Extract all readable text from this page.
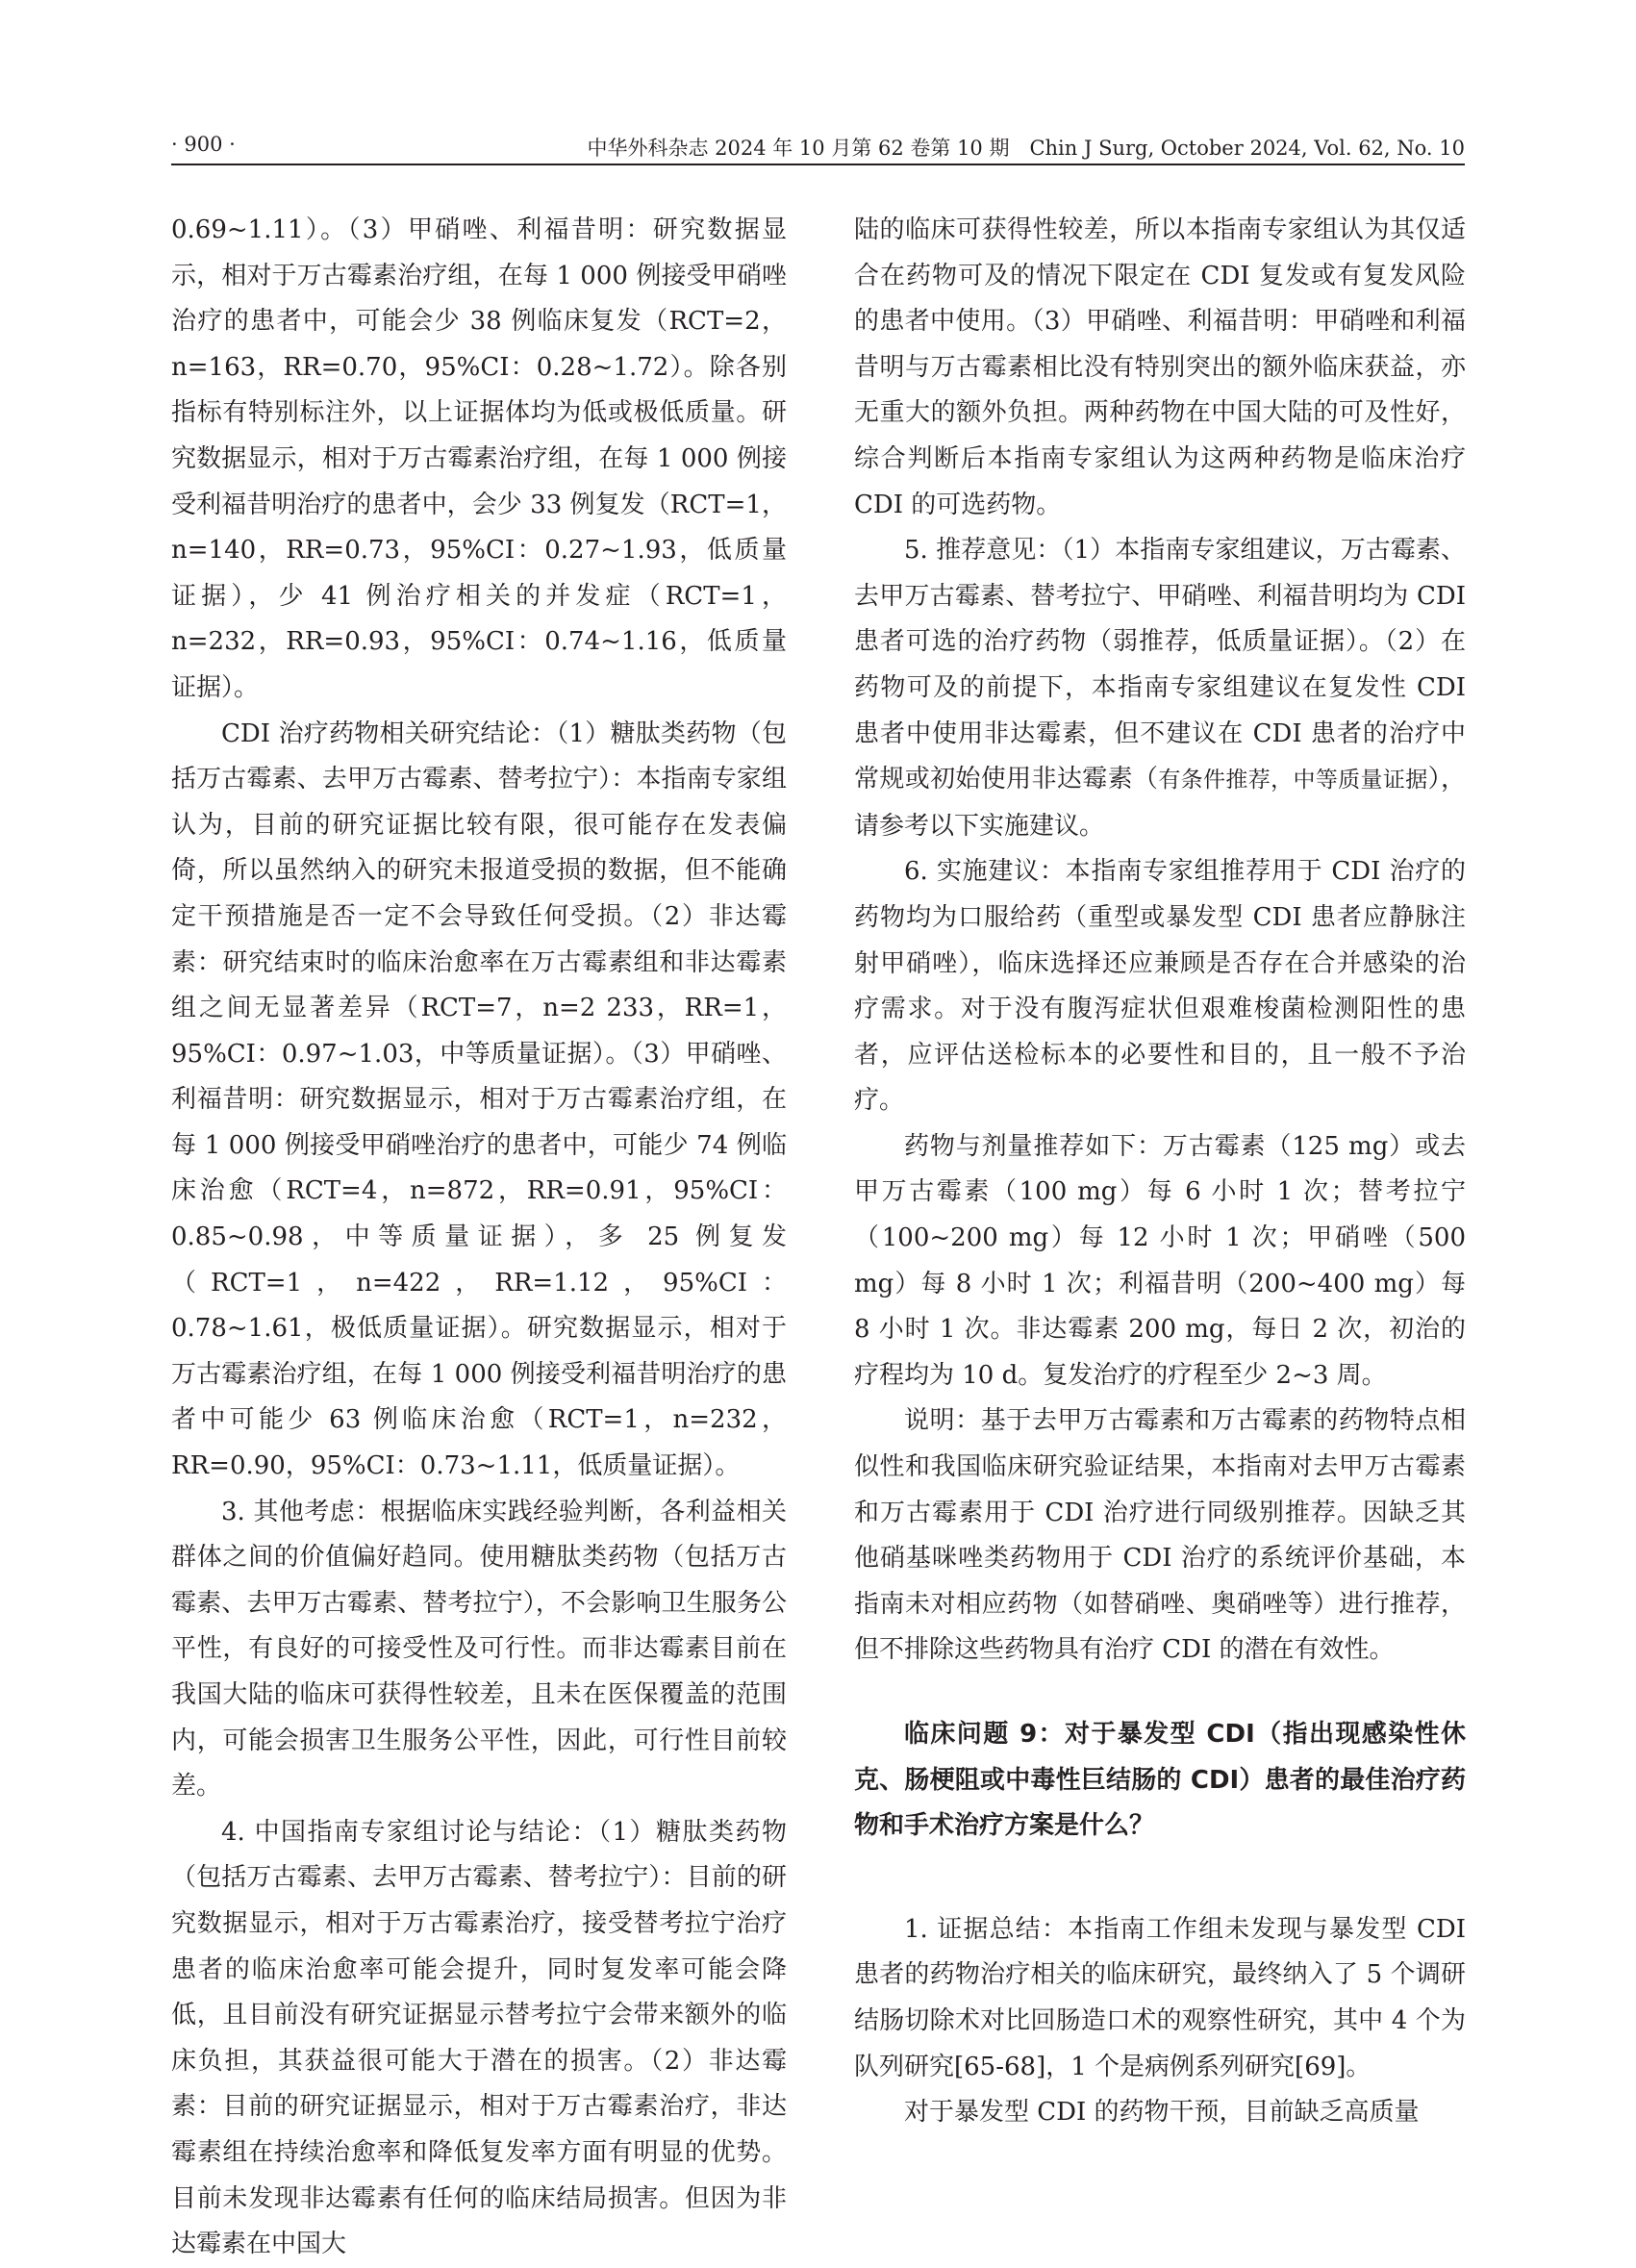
· 900 ·	中华外科杂志 2024 年 10 月第 62 卷第 10 期　Chin J Surg, October 2024, Vol. 62, No. 10

0.69~1.11）。（3）甲硝唑、利福昔明：研究数据显示，相对于万古霉素治疗组，在每 1 000 例接受甲硝唑治疗的患者中，可能会少 38 例临床复发（RCT=2，n=163，RR=0.70，95%CI：0.28~1.72）。除各别指标有特别标注外，以上证据体均为低或极低质量。研究数据显示，相对于万古霉素治疗组，在每 1 000 例接受利福昔明治疗的患者中，会少 33 例复发（RCT=1，n=140，RR=0.73，95%CI：0.27~1.93，低质量证据），少 41 例治疗相关的并发症（RCT=1，n=232，RR=0.93，95%CI：0.74~1.16，低质量证据）。

CDI 治疗药物相关研究结论：（1）糖肽类药物（包括万古霉素、去甲万古霉素、替考拉宁）：本指南专家组认为，目前的研究证据比较有限，很可能存在发表偏倚，所以虽然纳入的研究未报道受损的数据，但不能确定干预措施是否一定不会导致任何受损。（2）非达霉素：研究结束时的临床治愈率在万古霉素组和非达霉素组之间无显著差异（RCT=7，n=2 233，RR=1，95%CI：0.97~1.03，中等质量证据）。（3）甲硝唑、利福昔明：研究数据显示，相对于万古霉素治疗组，在每 1 000 例接受甲硝唑治疗的患者中，可能少 74 例临床治愈（RCT=4，n=872，RR=0.91，95%CI：0.85~0.98，中等质量证据），多 25 例复发（RCT=1，n=422，RR=1.12，95%CI：0.78~1.61，极低质量证据）。研究数据显示，相对于万古霉素治疗组，在每 1 000 例接受利福昔明治疗的患者中可能少 63 例临床治愈（RCT=1，n=232，RR=0.90，95%CI：0.73~1.11，低质量证据）。

3. 其他考虑：根据临床实践经验判断，各利益相关群体之间的价值偏好趋同。使用糖肽类药物（包括万古霉素、去甲万古霉素、替考拉宁），不会影响卫生服务公平性，有良好的可接受性及可行性。而非达霉素目前在我国大陆的临床可获得性较差，且未在医保覆盖的范围内，可能会损害卫生服务公平性，因此，可行性目前较差。

4. 中国指南专家组讨论与结论：（1）糖肽类药物（包括万古霉素、去甲万古霉素、替考拉宁）：目前的研究数据显示，相对于万古霉素治疗，接受替考拉宁治疗患者的临床治愈率可能会提升，同时复发率可能会降低，且目前没有研究证据显示替考拉宁会带来额外的临床负担，其获益很可能大于潜在的损害。（2）非达霉素：目前的研究证据显示，相对于万古霉素治疗，非达霉素组在持续治愈率和降低复发率方面有明显的优势。目前未发现非达霉素有任何的临床结局损害。但因为非达霉素在中国大

陆的临床可获得性较差，所以本指南专家组认为其仅适合在药物可及的情况下限定在 CDI 复发或有复发风险的患者中使用。（3）甲硝唑、利福昔明：甲硝唑和利福昔明与万古霉素相比没有特别突出的额外临床获益，亦无重大的额外负担。两种药物在中国大陆的可及性好，综合判断后本指南专家组认为这两种药物是临床治疗 CDI 的可选药物。

5. 推荐意见：（1）本指南专家组建议，万古霉素、去甲万古霉素、替考拉宁、甲硝唑、利福昔明均为 CDI 患者可选的治疗药物（弱推荐，低质量证据）。（2）在药物可及的前提下，本指南专家组建议在复发性 CDI 患者中使用非达霉素，但不建议在 CDI 患者的治疗中常规或初始使用非达霉素（有条件推荐，中等质量证据），请参考以下实施建议。

6. 实施建议：本指南专家组推荐用于 CDI 治疗的药物均为口服给药（重型或暴发型 CDI 患者应静脉注射甲硝唑），临床选择还应兼顾是否存在合并感染的治疗需求。对于没有腹泻症状但艰难梭菌检测阳性的患者，应评估送检标本的必要性和目的，且一般不予治疗。

药物与剂量推荐如下：万古霉素（125 mg）或去甲万古霉素（100 mg）每 6 小时 1 次；替考拉宁（100~200 mg）每 12 小时 1 次；甲硝唑（500 mg）每 8 小时 1 次；利福昔明（200~400 mg）每 8 小时 1 次。非达霉素 200 mg，每日 2 次，初治的疗程均为 10 d。复发治疗的疗程至少 2~3 周。

说明：基于去甲万古霉素和万古霉素的药物特点相似性和我国临床研究验证结果，本指南对去甲万古霉素和万古霉素用于 CDI 治疗进行同级别推荐。因缺乏其他硝基咪唑类药物用于 CDI 治疗的系统评价基础，本指南未对相应药物（如替硝唑、奥硝唑等）进行推荐，但不排除这些药物具有治疗 CDI 的潜在有效性。

临床问题 9：对于暴发型 CDI（指出现感染性休克、肠梗阻或中毒性巨结肠的 CDI）患者的最佳治疗药物和手术治疗方案是什么？

1. 证据总结：本指南工作组未发现与暴发型 CDI 患者的药物治疗相关的临床研究，最终纳入了 5 个调研结肠切除术对比回肠造口术的观察性研究，其中 4 个为队列研究[65-68]，1 个是病例系列研究[69]。

对于暴发型 CDI 的药物干预，目前缺乏高质量
